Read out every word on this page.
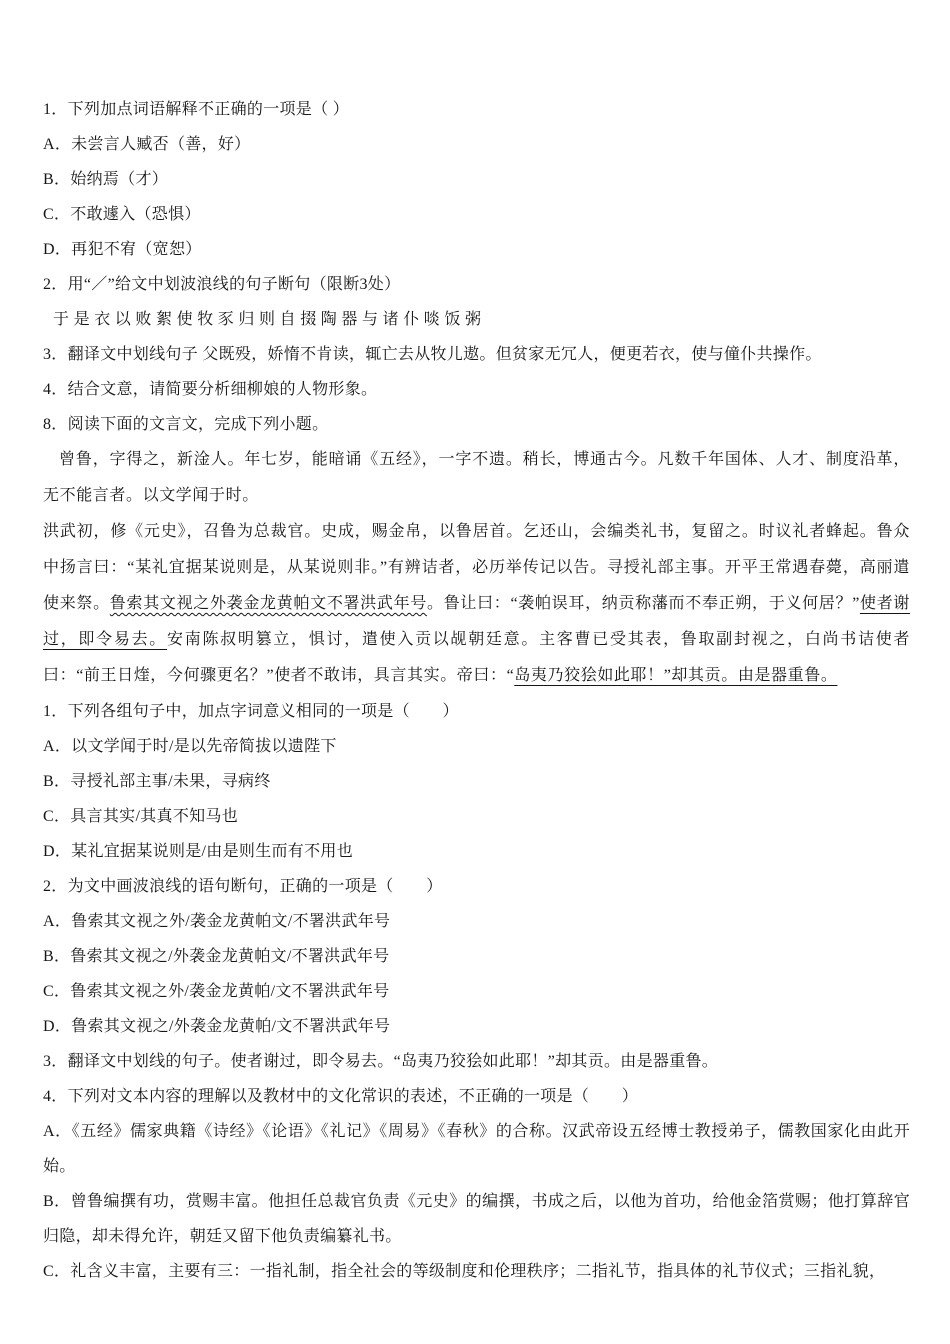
1．下列加点词语解释不正确的一项是（ ）
A．未尝言人臧否（善，好）
B．始纳焉（才）
C．不敢遽入（恐惧）
D．再犯不宥（宽恕）
2．用“／”给文中划波浪线的句子断句（限断3处）
于 是 衣 以 败 絮 使 牧 豕 归 则 自 掇 陶 器 与 诸 仆 啖 饭 粥
3．翻译文中划线句子 父既殁，娇惰不肯读，辄亡去从牧儿遨。但贫家无冗人，便更若衣，使与僮仆共操作。
4．结合文意，请简要分析细柳娘的人物形象。
8．阅读下面的文言文，完成下列小题。

曾鲁，字得之，新淦人。年七岁，能暗诵《五经》，一字不遗。稍长，博通古今。凡数千年国体、人才、制度沿革，无不能言者。以文学闻于时。

洪武初，修《元史》，召鲁为总裁官。史成，赐金帛，以鲁居首。乞还山，会编类礼书，复留之。时议礼者蜂起。鲁众中扬言曰：“某礼宜据某说则是，从某说则非。”有辨诘者，必历举传记以告。寻授礼部主事。开平王常遇春薨，高丽遣使来祭。鲁索其文视之外袭金龙黄帕文不署洪武年号。鲁让曰：“袭帕误耳，纳贡称藩而不奉正朔，于义何居？”使者谢过，即令易去。安南陈叔明篡立，惧讨，遣使入贡以觇朝廷意。主客曹已受其表，鲁取副封视之，白尚书诘使者曰：“前王日煃，今何骤更名？”使者不敢讳，具言其实。帝曰：“岛夷乃狡狯如此耶！”却其贡。由是器重鲁。

1．下列各组句子中，加点字词意义相同的一项是（　　）
A．以文学闻于时/是以先帝简拔以遗陛下
B．寻授礼部主事/未果，寻病终
C．具言其实/其真不知马也
D．某礼宜据某说则是/由是则生而有不用也
2．为文中画波浪线的语句断句，正确的一项是（　　）
A．鲁索其文视之外/袭金龙黄帕文/不署洪武年号
B．鲁索其文视之/外袭金龙黄帕文/不署洪武年号
C．鲁索其文视之外/袭金龙黄帕/文不署洪武年号
D．鲁索其文视之/外袭金龙黄帕/文不署洪武年号
3．翻译文中划线的句子。使者谢过，即令易去。“岛夷乃狡狯如此耶！”却其贡。由是器重鲁。
4．下列对文本内容的理解以及教材中的文化常识的表述，不正确的一项是（　　）
A．《五经》儒家典籍《诗经》《论语》《礼记》《周易》《春秋》的合称。汉武帝设五经博士教授弟子，儒教国家化由此开始。
B．曾鲁编撰有功，赏赐丰富。他担任总裁官负责《元史》的编撰，书成之后，以他为首功，给他金箔赏赐；他打算辞官归隐，却未得允许，朝廷又留下他负责编纂礼书。
C．礼含义丰富，主要有三：一指礼制，指全社会的等级制度和伦理秩序；二指礼节，指具体的礼节仪式；三指礼貌，
